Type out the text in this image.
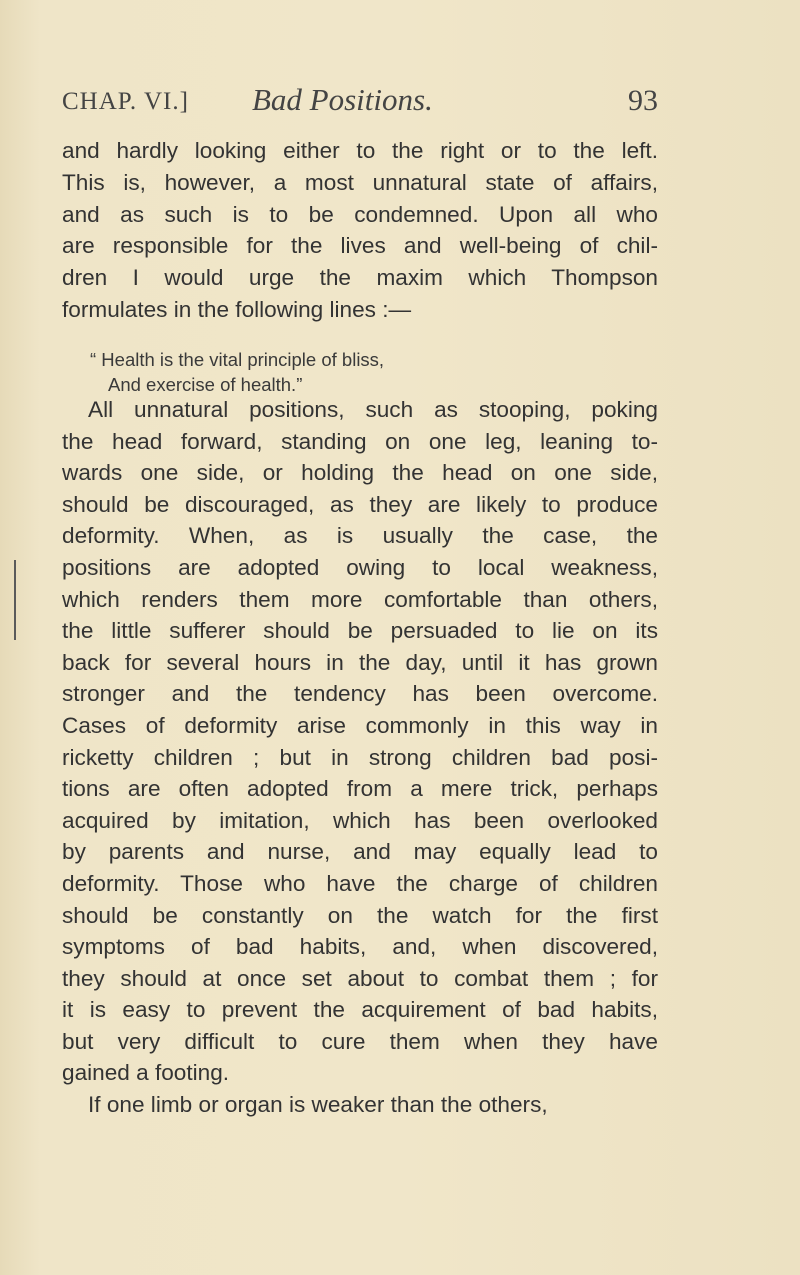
CHAP. VI.] Bad Positions.	93
and hardly looking either to the right or to the left.
This is, however, a most unnatural state of affairs,
and as such is to be condemned. Upon all who
are responsible for the lives and well-being of chil-
dren I would urge the maxim which Thompson
formulates in the following lines :—
“ Health is the vital principle of bliss,
And exercise of health.”
All unnatural positions, such as stooping, poking
the head forward, standing on one leg, leaning to-
wards one side, or holding the head on one side,
should be discouraged, as they are likely to produce
deformity. When, as is usually the case, the
positions are adopted owing to local weakness,
which renders them more comfortable than others,
the little sufferer should be persuaded to lie on its
back for several hours in the day, until it has grown
stronger and the tendency has been overcome.
Cases of deformity arise commonly in this way in
ricketty children ; but in strong children bad posi-
tions are often adopted from a mere trick, perhaps
acquired by imitation, which has been overlooked
by parents and nurse, and may equally lead to
deformity. Those who have the charge of children
should be constantly on the watch for the first
symptoms of bad habits, and, when discovered,
they should at once set about to combat them ; for
it is easy to prevent the acquirement of bad habits,
but very difficult to cure them when they have
gained a footing.
If one limb or organ is weaker than the others,
